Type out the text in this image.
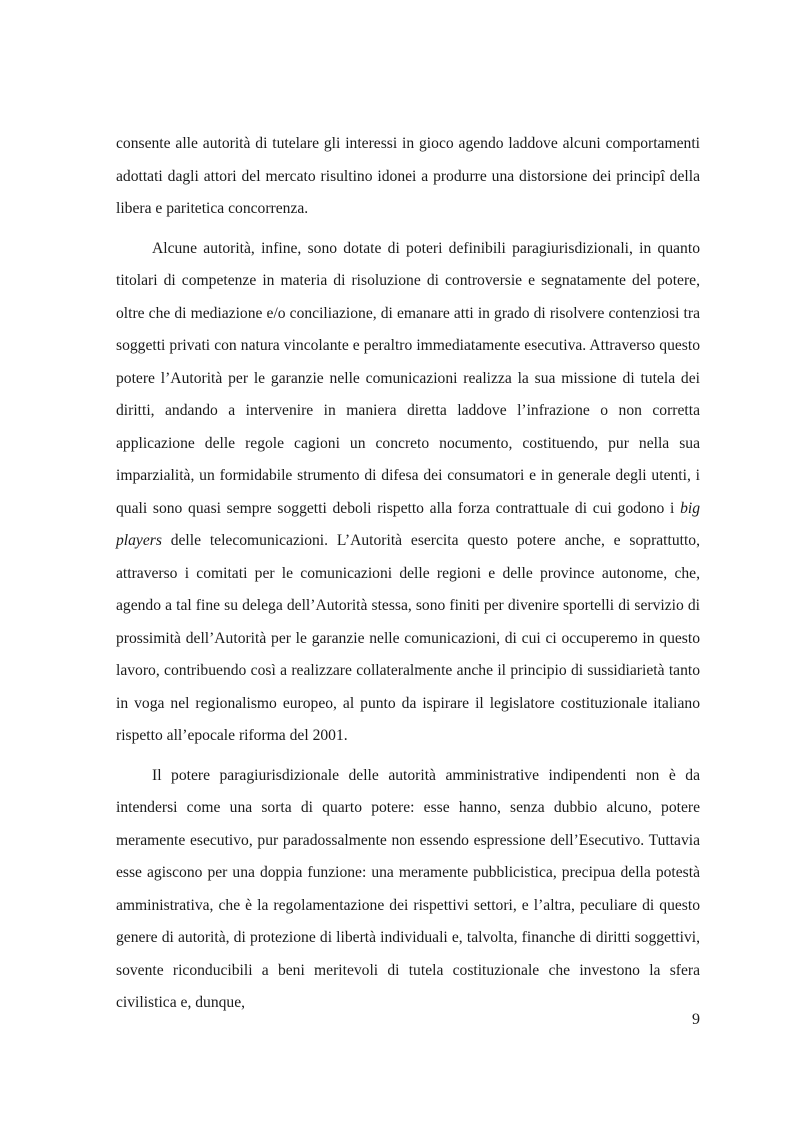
consente alle autorità di tutelare gli interessi in gioco agendo laddove alcuni comportamenti adottati dagli attori del mercato risultino idonei a produrre una distorsione dei principî della libera e paritetica concorrenza.

Alcune autorità, infine, sono dotate di poteri definibili paragiurisdizionali, in quanto titolari di competenze in materia di risoluzione di controversie e segnatamente del potere, oltre che di mediazione e/o conciliazione, di emanare atti in grado di risolvere contenziosi tra soggetti privati con natura vincolante e peraltro immediatamente esecutiva. Attraverso questo potere l’Autorità per le garanzie nelle comunicazioni realizza la sua missione di tutela dei diritti, andando a intervenire in maniera diretta laddove l’infrazione o non corretta applicazione delle regole cagioni un concreto nocumento, costituendo, pur nella sua imparzialità, un formidabile strumento di difesa dei consumatori e in generale degli utenti, i quali sono quasi sempre soggetti deboli rispetto alla forza contrattuale di cui godono i big players delle telecomunicazioni. L’Autorità esercita questo potere anche, e soprattutto, attraverso i comitati per le comunicazioni delle regioni e delle province autonome, che, agendo a tal fine su delega dell’Autorità stessa, sono finiti per divenire sportelli di servizio di prossimità dell’Autorità per le garanzie nelle comunicazioni, di cui ci occuperemo in questo lavoro, contribuendo così a realizzare collateralmente anche il principio di sussidiarietà tanto in voga nel regionalismo europeo, al punto da ispirare il legislatore costituzionale italiano rispetto all’epocale riforma del 2001.

Il potere paragiurisdizionale delle autorità amministrative indipendenti non è da intendersi come una sorta di quarto potere: esse hanno, senza dubbio alcuno, potere meramente esecutivo, pur paradossalmente non essendo espressione dell’Esecutivo. Tuttavia esse agiscono per una doppia funzione: una meramente pubblicistica, precipua della potestà amministrativa, che è la regolamentazione dei rispettivi settori, e l’altra, peculiare di questo genere di autorità, di protezione di libertà individuali e, talvolta, finanche di diritti soggettivi, sovente riconducibili a beni meritevoli di tutela costituzionale che investono la sfera civilistica e, dunque,

9
